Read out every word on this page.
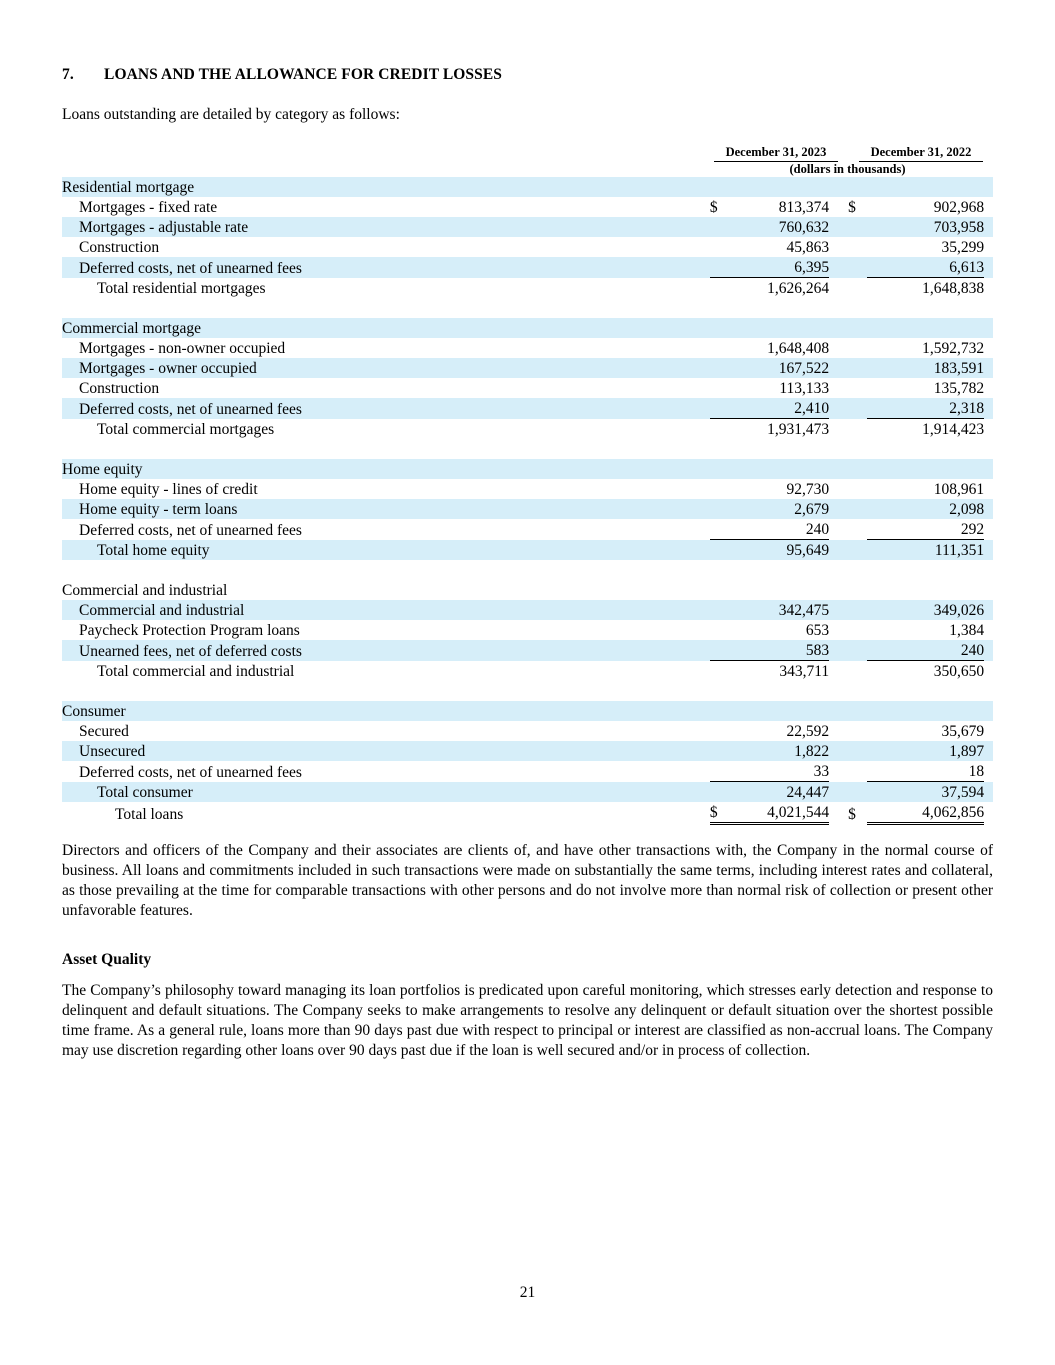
7. LOANS AND THE ALLOWANCE FOR CREDIT LOSSES
Loans outstanding are detailed by category as follows:
December 31, 2023	December 31, 2022
(dollars in thousands)
Residential mortgage					
Mortgages - fixed rate	$	813,374	$	902,968	
Mortgages - adjustable rate		760,632		703,958	
Construction		45,863		35,299	
Deferred costs, net of unearned fees		6,395		6,613	
Total residential mortgages		1,626,264		1,648,838	

Commercial mortgage					
Mortgages - non-owner occupied		1,648,408		1,592,732	
Mortgages - owner occupied		167,522		183,591	
Construction		113,133		135,782	
Deferred costs, net of unearned fees		2,410		2,318	
Total commercial mortgages		1,931,473		1,914,423	

Home equity					
Home equity - lines of credit		92,730		108,961	
Home equity - term loans		2,679		2,098	
Deferred costs, net of unearned fees		240		292	
Total home equity		95,649		111,351	

Commercial and industrial					
Commercial and industrial		342,475		349,026	
Paycheck Protection Program loans		653		1,384	
Unearned fees, net of deferred costs		583		240	
Total commercial and industrial		343,711		350,650	

Consumer					
Secured		22,592		35,679	
Unsecured		1,822		1,897	
Deferred costs, net of unearned fees		33		18	
Total consumer		24,447		37,594	
Total loans	$	4,021,544	$	4,062,856	
Directors and officers of the Company and their associates are clients of, and have other transactions with, the Company in the normal course of business. All loans and commitments included in such transactions were made on substantially the same terms, including interest rates and collateral, as those prevailing at the time for comparable transactions with other persons and do not involve more than normal risk of collection or present other unfavorable features.
Asset Quality
The Company’s philosophy toward managing its loan portfolios is predicated upon careful monitoring, which stresses early detection and response to delinquent and default situations. The Company seeks to make arrangements to resolve any delinquent or default situation over the shortest possible time frame. As a general rule, loans more than 90 days past due with respect to principal or interest are classified as non-accrual loans. The Company may use discretion regarding other loans over 90 days past due if the loan is well secured and/or in process of collection.
21
